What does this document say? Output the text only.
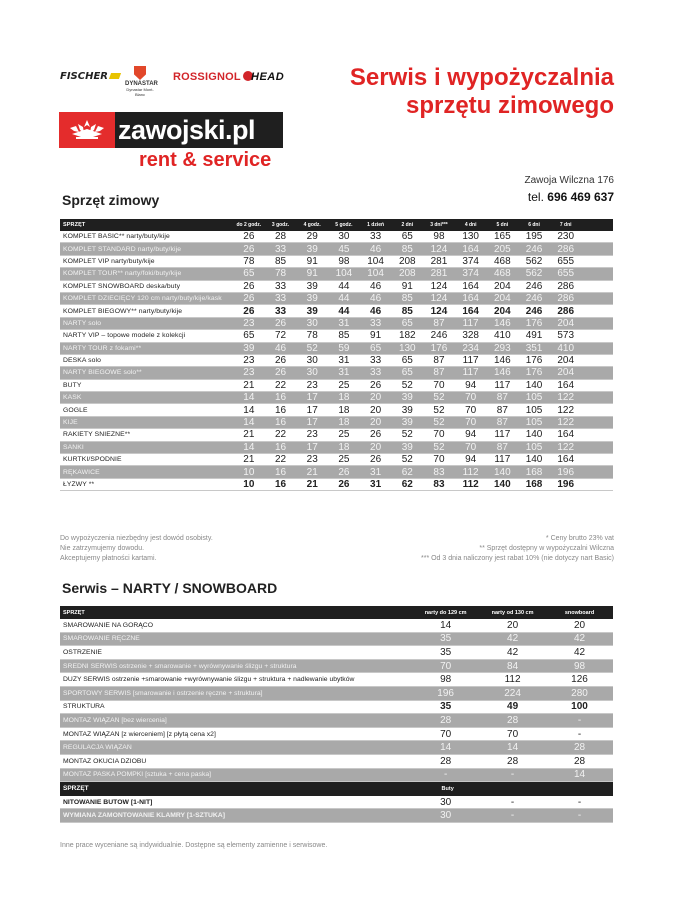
FISCHER
DYNASTAR
Dynastar Mont-Blanc
ROSSIGNOL HEAD
zawojski.pl
rent & service
Serwis i wypożyczalnia
sprzętu zimowego
Sprzęt zimowy
Zawoja Wilczna 176
tel. 696 469 637
SPRZĘT	do 2 godz.	3 godz.	4 godz.	5 godz.	1 dzień	2 dni	3 dni***	4 dni	5 dni	6 dni	7 dni
KOMPLET BASIC** narty/buty/kije	26	28	29	30	33	65	98	130	165	195	230
KOMPLET STANDARD narty/buty/kije	26	33	39	45	46	85	124	164	205	246	286
KOMPLET VIP narty/buty/kije	78	85	91	98	104	208	281	374	468	562	655
KOMPLET TOUR** narty/foki/buty/kije	65	78	91	104	104	208	281	374	468	562	655
KOMPLET SNOWBOARD deska/buty	26	33	39	44	46	91	124	164	204	246	286
KOMPLET DZIECIĘCY 120 cm narty/buty/kije/kask	26	33	39	44	46	85	124	164	204	246	286
KOMPLET BIEGOWY** narty/buty/kije	26	33	39	44	46	85	124	164	204	246	286
NARTY solo	23	26	30	31	33	65	87	117	146	176	204
NARTY VIP – topowe modele z kolekcji	65	72	78	85	91	182	246	328	410	491	573
NARTY TOUR z fokami**	39	46	52	59	65	130	176	234	293	351	410
DESKA solo	23	26	30	31	33	65	87	117	146	176	204
NARTY BIEGOWE solo**	23	26	30	31	33	65	87	117	146	176	204
BUTY	21	22	23	25	26	52	70	94	117	140	164
KASK	14	16	17	18	20	39	52	70	87	105	122
GOGLE	14	16	17	18	20	39	52	70	87	105	122
KIJE	14	16	17	18	20	39	52	70	87	105	122
RAKIETY ŚNIEŻNE**	21	22	23	25	26	52	70	94	117	140	164
SANKI	14	16	17	18	20	39	52	70	87	105	122
KURTKI/SPODNIE	21	22	23	25	26	52	70	94	117	140	164
RĘKAWICE	10	16	21	26	31	62	83	112	140	168	196
ŁYŻWY **	10	16	21	26	31	62	83	112	140	168	196
Do wypożyczenia niezbędny jest dowód osobisty.
Nie zatrzymujemy dowodu.
Akceptujemy płatności kartami.
* Ceny brutto 23% vat
** Sprzęt dostępny w wypożyczalni Wilczna
*** Od 3 dnia naliczony jest rabat 10% (nie dotyczy nart Basic)
Serwis – NARTY / SNOWBOARD
SPRZĘT	narty do 129 cm	narty od 130 cm	snowboard
SMAROWANIE NA GORĄCO	14	20	20
SMAROWANIE RĘCZNE	35	42	42
OSTRZENIE	35	42	42
ŚREDNI SERWIS ostrzenie + smarowanie + wyrównywanie ślizgu + struktura	70	84	98
DUŻY SERWIS ostrzenie +smarowanie +wyrównywanie ślizgu + struktura + nadlewanie ubytków	98	112	126
SPORTOWY SERWIS [smarowanie i ostrzenie ręczne + struktura]	196	224	280
STRUKTURA	35	49	100
MONTAŻ WIĄZAŃ [bez wiercenia]	28	28	-
MONTAŻ WIĄZAŃ [z wierceniem] [z płytą cena x2]	70	70	-
REGULACJA WIĄZAŃ	14	14	28
MONTAŻ OKUCIA DZIOBU	28	28	28
MONTAŻ PASKA POMPKI [sztuka + cena paska]	-	-	14
SPRZĘT	Buty
NITOWANIE BUTÓW [1-NIT]	30	-	-
WYMIANA ZAMONTOWANIE KLAMRY [1-SZTUKA]	30	-	-
Inne prace wyceniane są indywidualnie. Dostępne są elementy zamienne i serwisowe.
